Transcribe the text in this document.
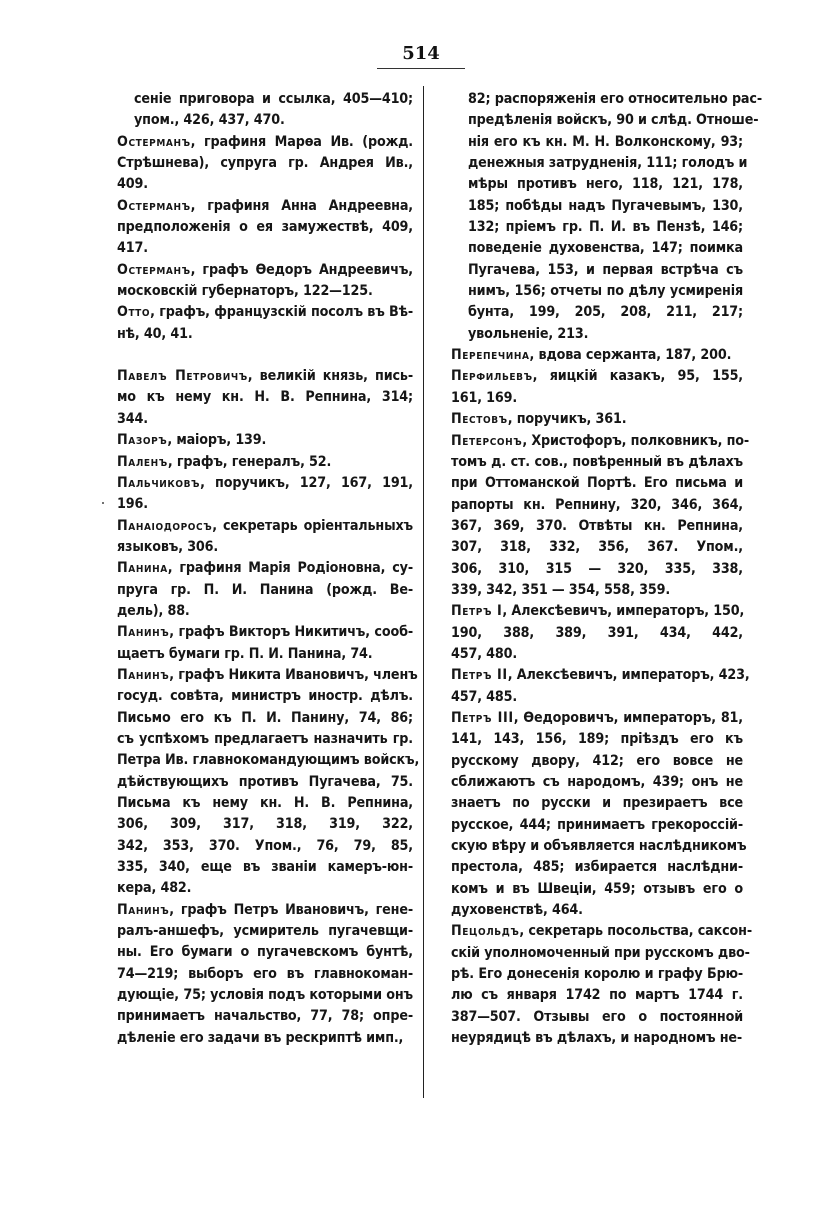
514
сеніе приговора и ссылка, 405—410;
упом., 426, 437, 470.
Остерманъ, графиня Марѳа Ив. (рожд.
Стрѣшнева), супруга гр. Андрея Ив.,
409.
Остерманъ, графиня Анна Андреевна,
предположенія о ея замужествѣ, 409,
417.
Остерманъ, графъ Ѳедоръ Андреевичъ,
московскій губернаторъ, 122—125.
Отто, графъ, французскій посолъ въ Вѣ-
нѣ, 40, 41.
Павелъ Петровичъ, великій князь, пись-
мо къ нему кн. Н. В. Репнина, 314;
344.
Пазоръ, маіоръ, 139.
Паленъ, графъ, генералъ, 52.
Пальчиковъ, поручикъ, 127, 167, 191,
196.
Панаіодоросъ, секретарь оріентальныхъ
языковъ, 306.
Панина, графиня Марія Родіоновна, су-
пруга гр. П. И. Панина (рожд. Ве-
дель), 88.
Панинъ, графъ Викторъ Никитичъ, сооб-
щаетъ бумаги гр. П. И. Панина, 74.
Панинъ, графъ Никита Ивановичъ, членъ
госуд. совѣта, министръ иностр. дѣлъ.
Письмо его къ П. И. Панину, 74, 86;
съ успѣхомъ предлагаетъ назначить гр.
Петра Ив. главнокомандующимъ войскъ,
дѣйствующихъ противъ Пугачева, 75.
Письма къ нему кн. Н. В. Репнина,
306, 309, 317, 318, 319, 322,
342, 353, 370. Упом., 76, 79, 85,
335, 340, еще въ званіи камеръ-юн-
кера, 482.
Панинъ, графъ Петръ Ивановичъ, гене-
ралъ-аншефъ, усмиритель пугачевщи-
ны. Его бумаги о пугачевскомъ бунтѣ,
74—219; выборъ его въ главнокоман-
дующіе, 75; условія подъ которыми онъ
принимаетъ начальство, 77, 78; опре-
дѣленіе его задачи въ рескриптѣ имп.,
82; распоряженія его относительно рас-
предѣленія войскъ, 90 и слѣд. Отноше-
нія его къ кн. М. Н. Волконскому, 93;
денежныя затрудненія, 111; голодъ и
мѣры противъ него, 118, 121, 178,
185; побѣды надъ Пугачевымъ, 130,
132; пріемъ гр. П. И. въ Пензѣ, 146;
поведеніе духовенства, 147; поимка
Пугачева, 153, и первая встрѣча съ
нимъ, 156; отчеты по дѣлу усмиренія
бунта, 199, 205, 208, 211, 217;
увольненіе, 213.
Перепечина, вдова сержанта, 187, 200.
Перфильевъ, яицкій казакъ, 95, 155,
161, 169.
Пестовъ, поручикъ, 361.
Петерсонъ, Христофоръ, полковникъ, по-
томъ д. ст. сов., повѣренный въ дѣлахъ
при Оттоманской Портѣ. Его письма и
рапорты кн. Репнину, 320, 346, 364,
367, 369, 370. Отвѣты кн. Репнина,
307, 318, 332, 356, 367. Упом.,
306, 310, 315 — 320, 335, 338,
339, 342, 351 — 354, 558, 359.
Петръ I, Алексѣевичъ, императоръ, 150,
190, 388, 389, 391, 434, 442,
457, 480.
Петръ II, Алексѣевичъ, императоръ, 423,
457, 485.
Петръ III, Ѳедоровичъ, императоръ, 81,
141, 143, 156, 189; пріѣздъ его къ
русскому двору, 412; его вовсе не
сближаютъ съ народомъ, 439; онъ не
знаетъ по русски и презираетъ все
русское, 444; принимаетъ грекороссій-
скую вѣру и объявляется наслѣдникомъ
престола, 485; избирается наслѣдни-
комъ и въ Швеціи, 459; отзывъ его о
духовенствѣ, 464.
Пецольдъ, секретарь посольства, саксон-
скій уполномоченный при русскомъ дво-
рѣ. Его донесенія королю и графу Брю-
лю съ января 1742 по мартъ 1744 г.
387—507. Отзывы его о постоянной
неурядицѣ въ дѣлахъ, и народномъ не-
